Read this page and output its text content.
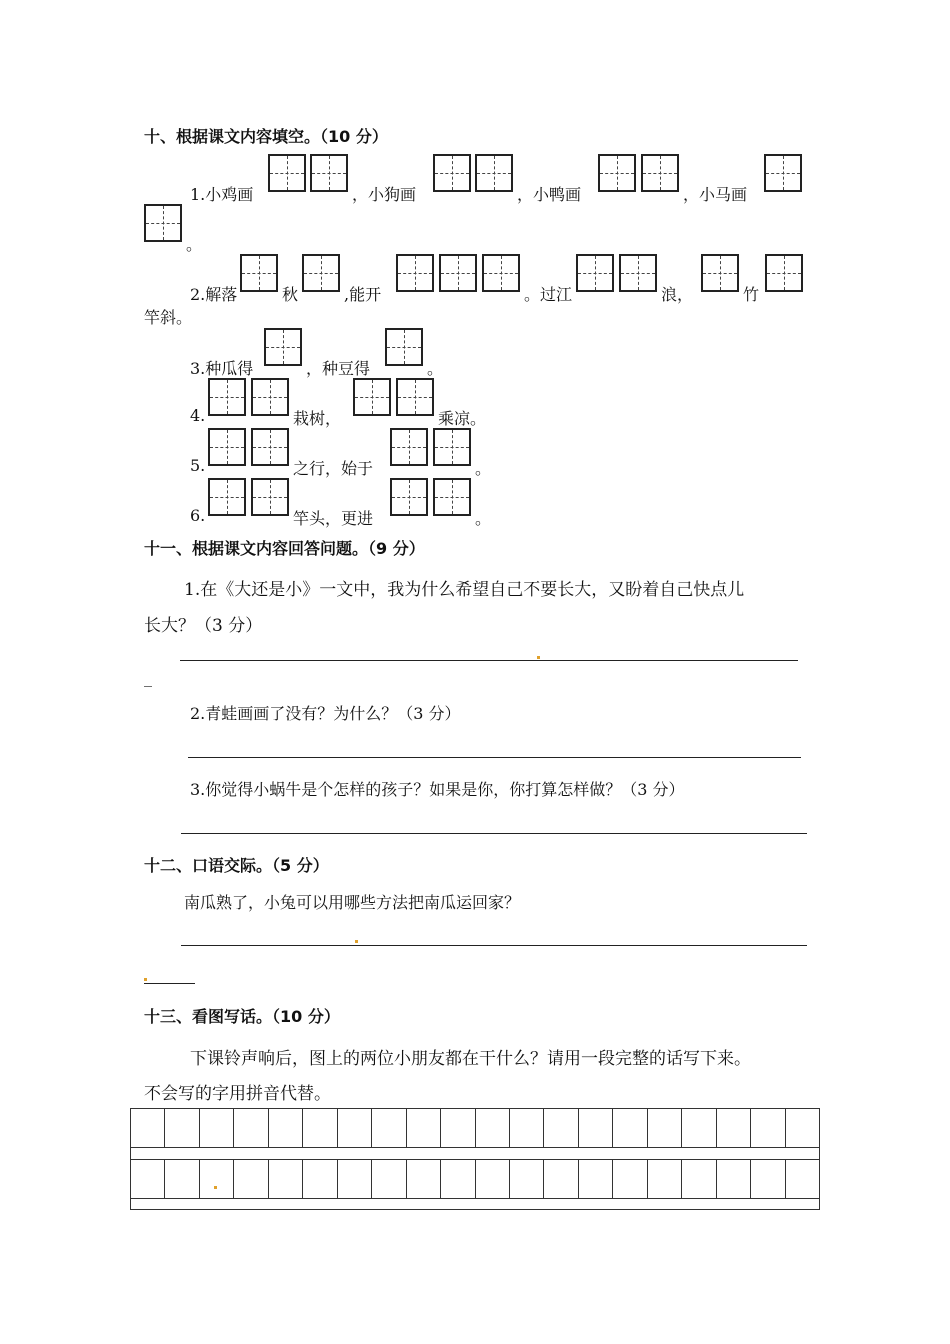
十、根据课文内容填空。（10 分）
1.小鸡画	，小狗画	，小鸭画	，小马画
。
2.解落	秋	,能开	。过江	浪，	竹
竿斜。
3.种瓜得	，种豆得	。
4.	栽树，	乘凉。
5.	之行，始于	。
6.	竿头，更进	。
十一、根据课文内容回答问题。（9 分）
1.在《大还是小》一文中，我为什么希望自己不要长大，又盼着自己快点儿
长大？（3 分）
_
2.青蛙画画了没有？为什么？（3 分）
3.你觉得小蜗牛是个怎样的孩子？如果是你，你打算怎样做？（3 分）
十二、口语交际。（5 分）
南瓜熟了，小兔可以用哪些方法把南瓜运回家？
十三、看图写话。（10 分）
下课铃声响后，图上的两位小朋友都在干什么？请用一段完整的话写下来。
不会写的字用拼音代替。
